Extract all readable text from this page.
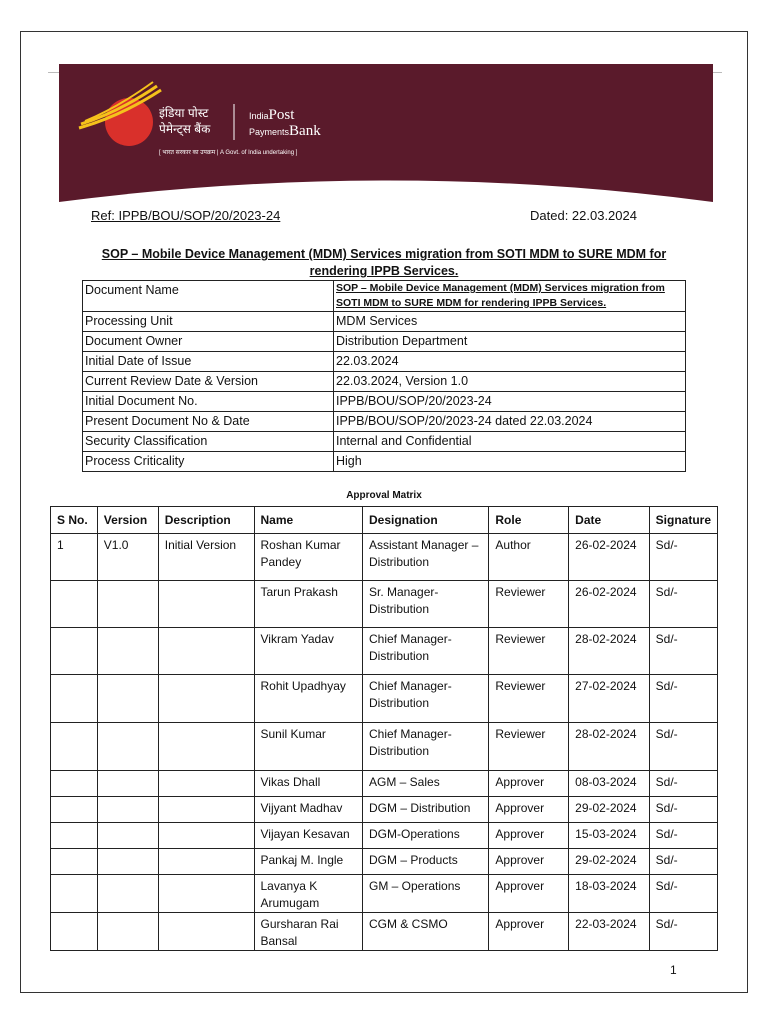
इंडिया पोस्ट
पेमेन्ट्स बैंक
IndiaPost
PaymentsBank
[ भारत सरकार का उपक्रम | A Govt. of India undertaking ]
Ref: IPPB/BOU/SOP/20/2023-24	Dated: 22.03.2024
SOP – Mobile Device Management (MDM) Services migration from SOTI MDM to SURE MDM for rendering IPPB Services.
Document Name	SOP – Mobile Device Management (MDM) Services migration from SOTI MDM to SURE MDM for rendering IPPB Services.
Processing Unit	MDM Services
Document Owner	Distribution Department
Initial Date of Issue	22.03.2024
Current Review Date & Version	22.03.2024, Version 1.0
Initial Document No.	IPPB/BOU/SOP/20/2023-24
Present Document No & Date	IPPB/BOU/SOP/20/2023-24 dated 22.03.2024
Security Classification	Internal and Confidential
Process Criticality	High
Approval Matrix
S No.	Version	Description	Name	Designation	Role	Date	Signature
1	V1.0	Initial Version	Roshan Kumar Pandey	Assistant Manager – Distribution	Author	26-02-2024	Sd/-
			Tarun Prakash	Sr. Manager-Distribution	Reviewer	26-02-2024	Sd/-
			Vikram Yadav	Chief Manager-Distribution	Reviewer	28-02-2024	Sd/-
			Rohit Upadhyay	Chief Manager-Distribution	Reviewer	27-02-2024	Sd/-
			Sunil Kumar	Chief Manager-Distribution	Reviewer	28-02-2024	Sd/-
			Vikas Dhall	AGM – Sales	Approver	08-03-2024	Sd/-
			Vijyant Madhav	DGM – Distribution	Approver	29-02-2024	Sd/-
			Vijayan Kesavan	DGM-Operations	Approver	15-03-2024	Sd/-
			Pankaj M. Ingle	DGM – Products	Approver	29-02-2024	Sd/-
			Lavanya K Arumugam	GM – Operations	Approver	18-03-2024	Sd/-
			Gursharan Rai Bansal	CGM & CSMO	Approver	22-03-2024	Sd/-
1
